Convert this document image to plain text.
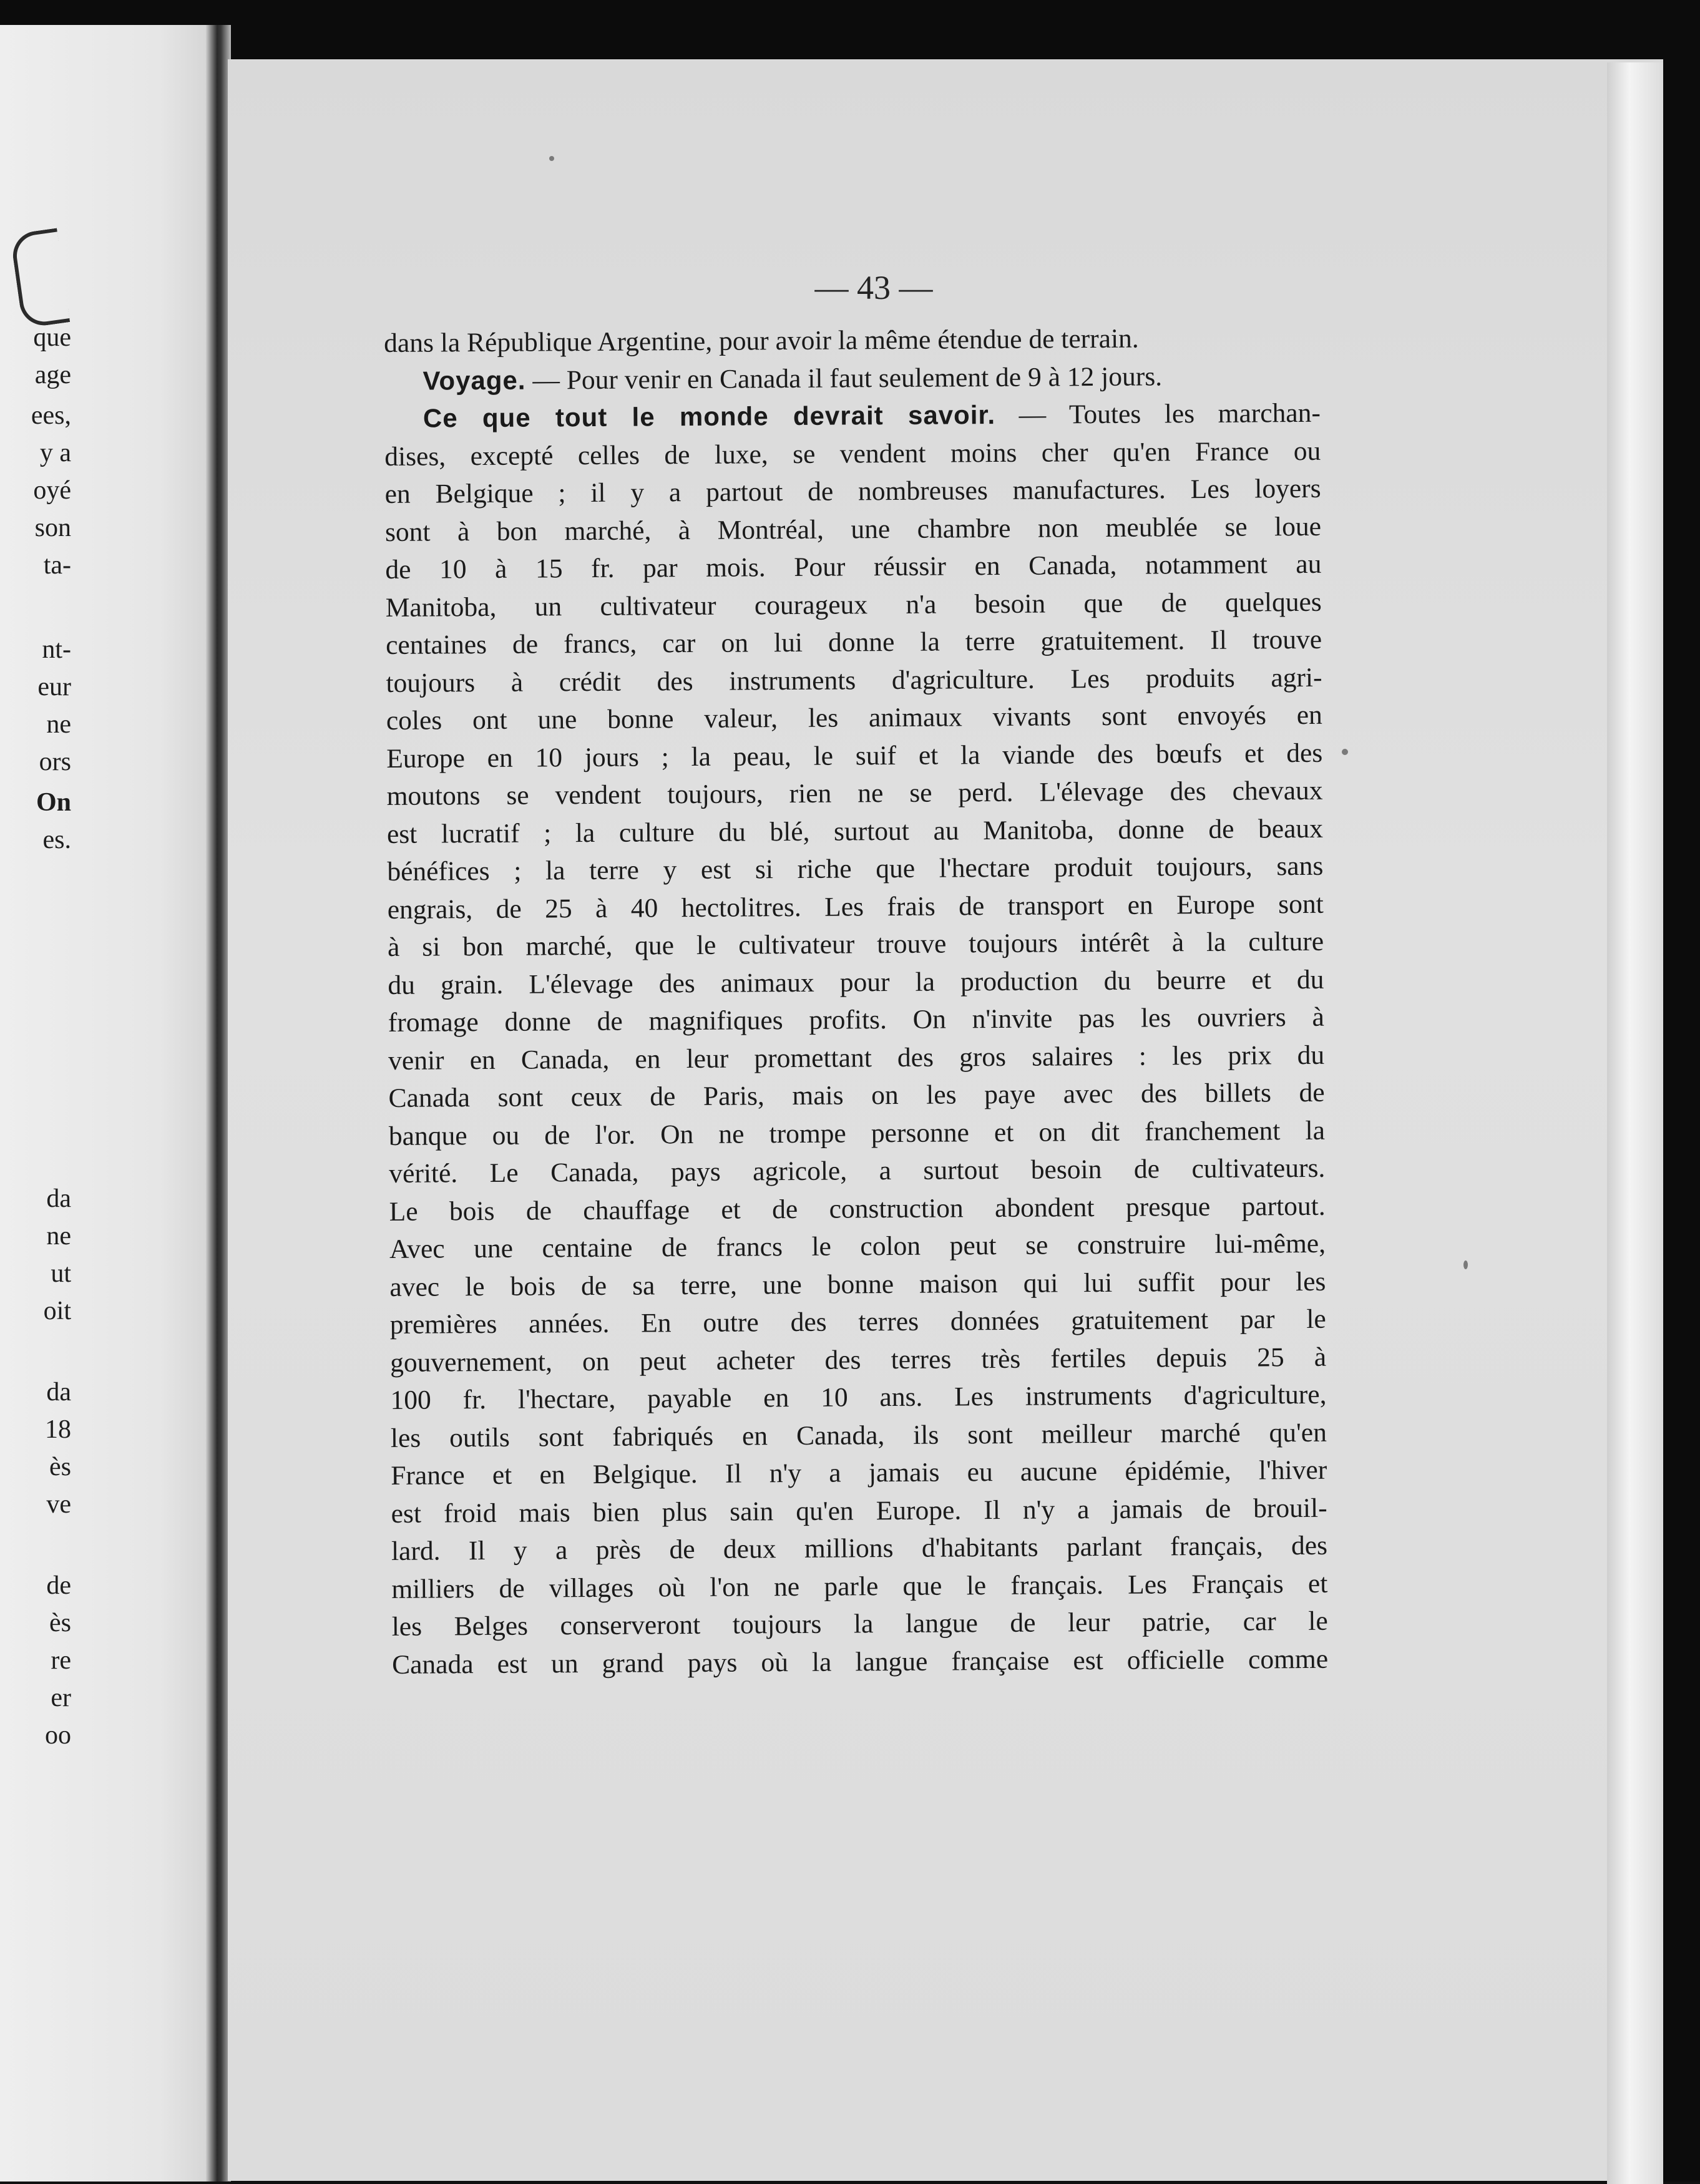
que
age
ees,
y a
oyé
son
ta-
nt-
eur
ne
ors
On
es.
da
ne
ut
oit
da
18
ès
ve
de
ès
re
er
oo
— 43 —
dans la République Argentine, pour avoir la même étendue de terrain.
Voyage. — Pour venir en Canada il faut seulement de 9 à 12 jours.
Ce que tout le monde devrait savoir. — Toutes les marchan-
dises, excepté celles de luxe, se vendent moins cher qu'en France ou
en Belgique ; il y a partout de nombreuses manufactures. Les loyers
sont à bon marché, à Montréal, une chambre non meublée se loue
de 10 à 15 fr. par mois. Pour réussir en Canada, notamment au
Manitoba, un cultivateur courageux n'a besoin que de quelques
centaines de francs, car on lui donne la terre gratuitement. Il trouve
toujours à crédit des instruments d'agriculture. Les produits agri-
coles ont une bonne valeur, les animaux vivants sont envoyés en
Europe en 10 jours ; la peau, le suif et la viande des bœufs et des
moutons se vendent toujours, rien ne se perd. L'élevage des chevaux
est lucratif ; la culture du blé, surtout au Manitoba, donne de beaux
bénéfices ; la terre y est si riche que l'hectare produit toujours, sans
engrais, de 25 à 40 hectolitres. Les frais de transport en Europe sont
à si bon marché, que le cultivateur trouve toujours intérêt à la culture
du grain. L'élevage des animaux pour la production du beurre et du
fromage donne de magnifiques profits. On n'invite pas les ouvriers à
venir en Canada, en leur promettant des gros salaires : les prix du
Canada sont ceux de Paris, mais on les paye avec des billets de
banque ou de l'or. On ne trompe personne et on dit franchement la
vérité. Le Canada, pays agricole, a surtout besoin de cultivateurs.
Le bois de chauffage et de construction abondent presque partout.
Avec une centaine de francs le colon peut se construire lui-même,
avec le bois de sa terre, une bonne maison qui lui suffit pour les
premières années. En outre des terres données gratuitement par le
gouvernement, on peut acheter des terres très fertiles depuis 25 à
100 fr. l'hectare, payable en 10 ans. Les instruments d'agriculture,
les outils sont fabriqués en Canada, ils sont meilleur marché qu'en
France et en Belgique. Il n'y a jamais eu aucune épidémie, l'hiver
est froid mais bien plus sain qu'en Europe. Il n'y a jamais de brouil-
lard. Il y a près de deux millions d'habitants parlant français, des
milliers de villages où l'on ne parle que le français. Les Français et
les Belges conserveront toujours la langue de leur patrie, car le
Canada est un grand pays où la langue française est officielle comme
